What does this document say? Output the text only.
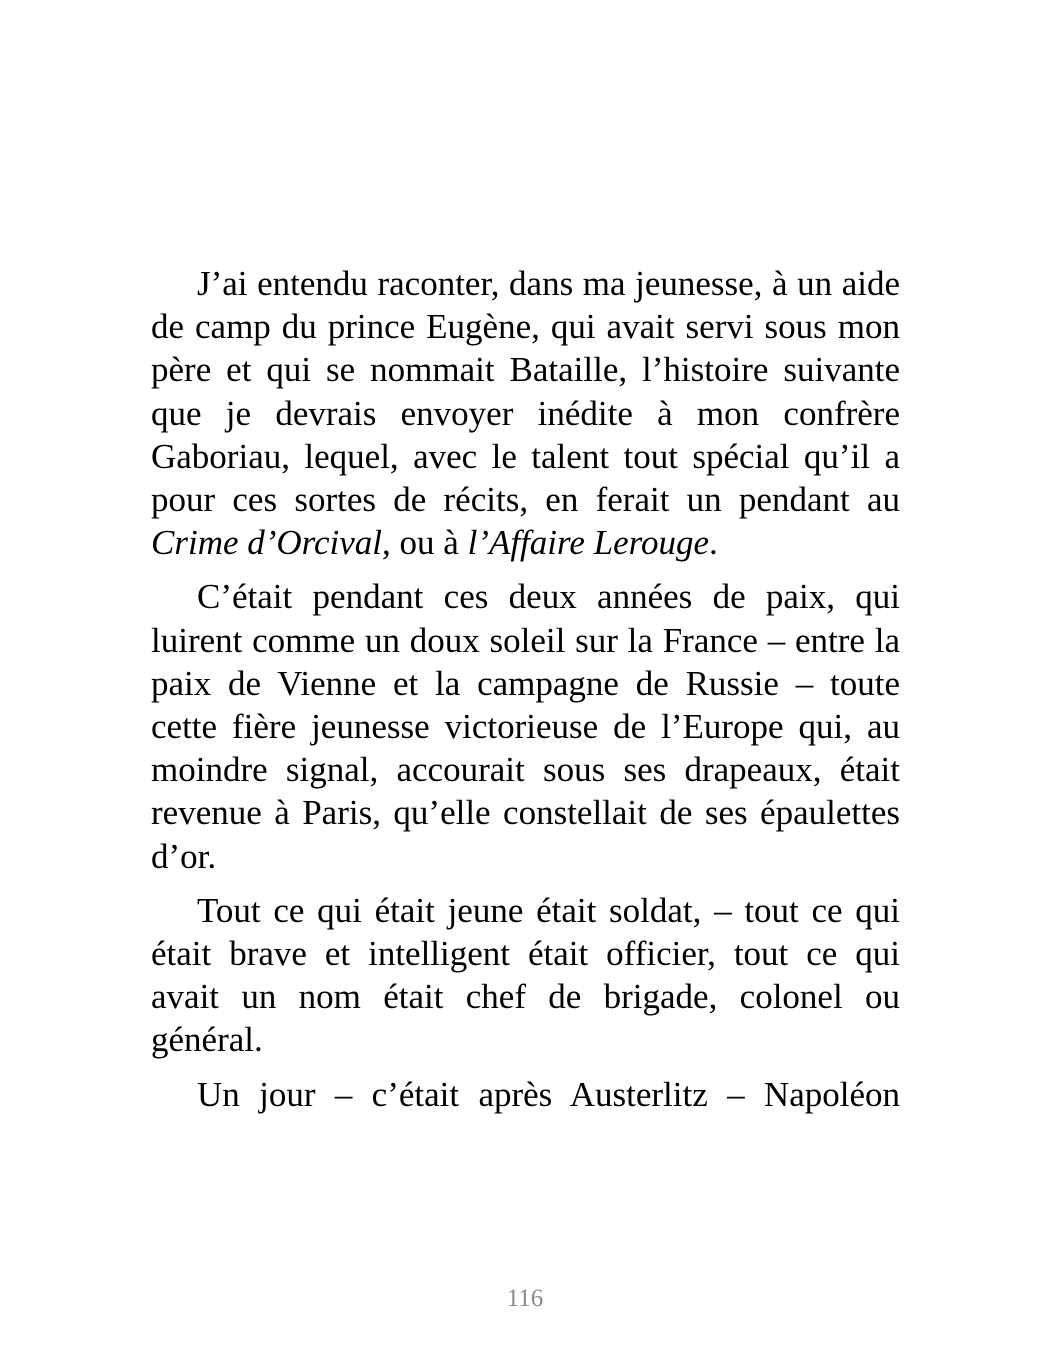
J’ai entendu raconter, dans ma jeunesse, à un aide de camp du prince Eugène, qui avait servi sous mon père et qui se nommait Bataille, l’histoire suivante que je devrais envoyer inédite à mon confrère Gaboriau, lequel, avec le talent tout spécial qu’il a pour ces sortes de récits, en ferait un pendant au Crime d’Orcival, ou à l’Affaire Lerouge.

C’était pendant ces deux années de paix, qui luirent comme un doux soleil sur la France – entre la paix de Vienne et la campagne de Russie – toute cette fière jeunesse victorieuse de l’Europe qui, au moindre signal, accourait sous ses drapeaux, était revenue à Paris, qu’elle constellait de ses épaulettes d’or.

Tout ce qui était jeune était soldat, – tout ce qui était brave et intelligent était officier, tout ce qui avait un nom était chef de brigade, colonel ou général.

Un jour – c’était après Austerlitz – Napoléon

116
